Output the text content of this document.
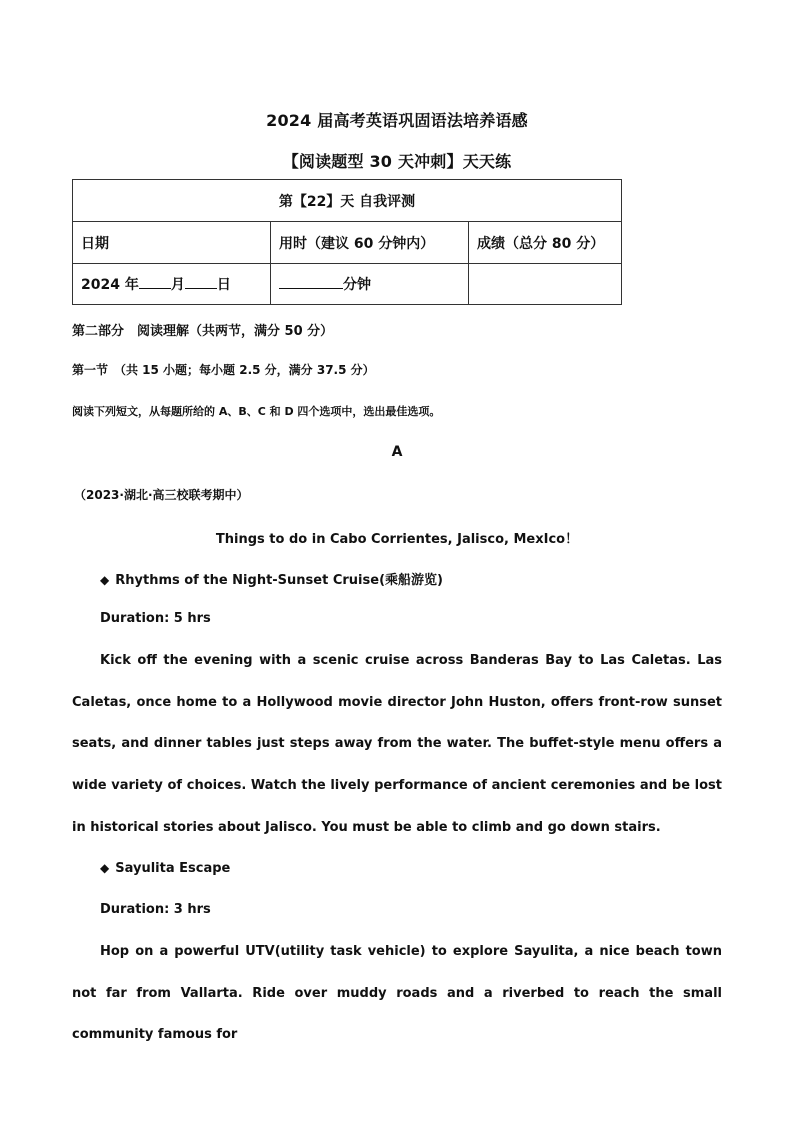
2024 届高考英语巩固语法培养语感
【阅读题型 30 天冲刺】天天练
第【22】天 自我评测		
日期	用时（建议 60 分钟内）	成绩（总分 80 分）
2024 年 月 日	分钟	
第二部分　阅读理解（共两节，满分 50 分）
第一节　（共 15 小题；每小题 2.5 分，满分 37.5 分）
阅读下列短文，从每题所给的 A、B、C 和 D 四个选项中，选出最佳选项。
A
（2023·湖北·高三校联考期中）
Things to do in Cabo Corrientes, Jalisco, MexIco！
◆ Rhythms of the Night-Sunset Cruise(乘船游览)
Duration: 5 hrs

Kick off the evening with a scenic cruise across Banderas Bay to Las Caletas. Las Caletas, once home to a Hollywood movie director John Huston, offers front-row sunset seats, and dinner tables just steps away from the water. The buffet-style menu offers a wide variety of choices. Watch the lively performance of ancient ceremonies and be lost in historical stories about Jalisco. You must be able to climb and go down stairs.

◆ Sayulita Escape
Duration: 3 hrs

Hop on a powerful UTV(utility task vehicle) to explore Sayulita, a nice beach town not far from Vallarta. Ride over muddy roads and a riverbed to reach the small community famous for
